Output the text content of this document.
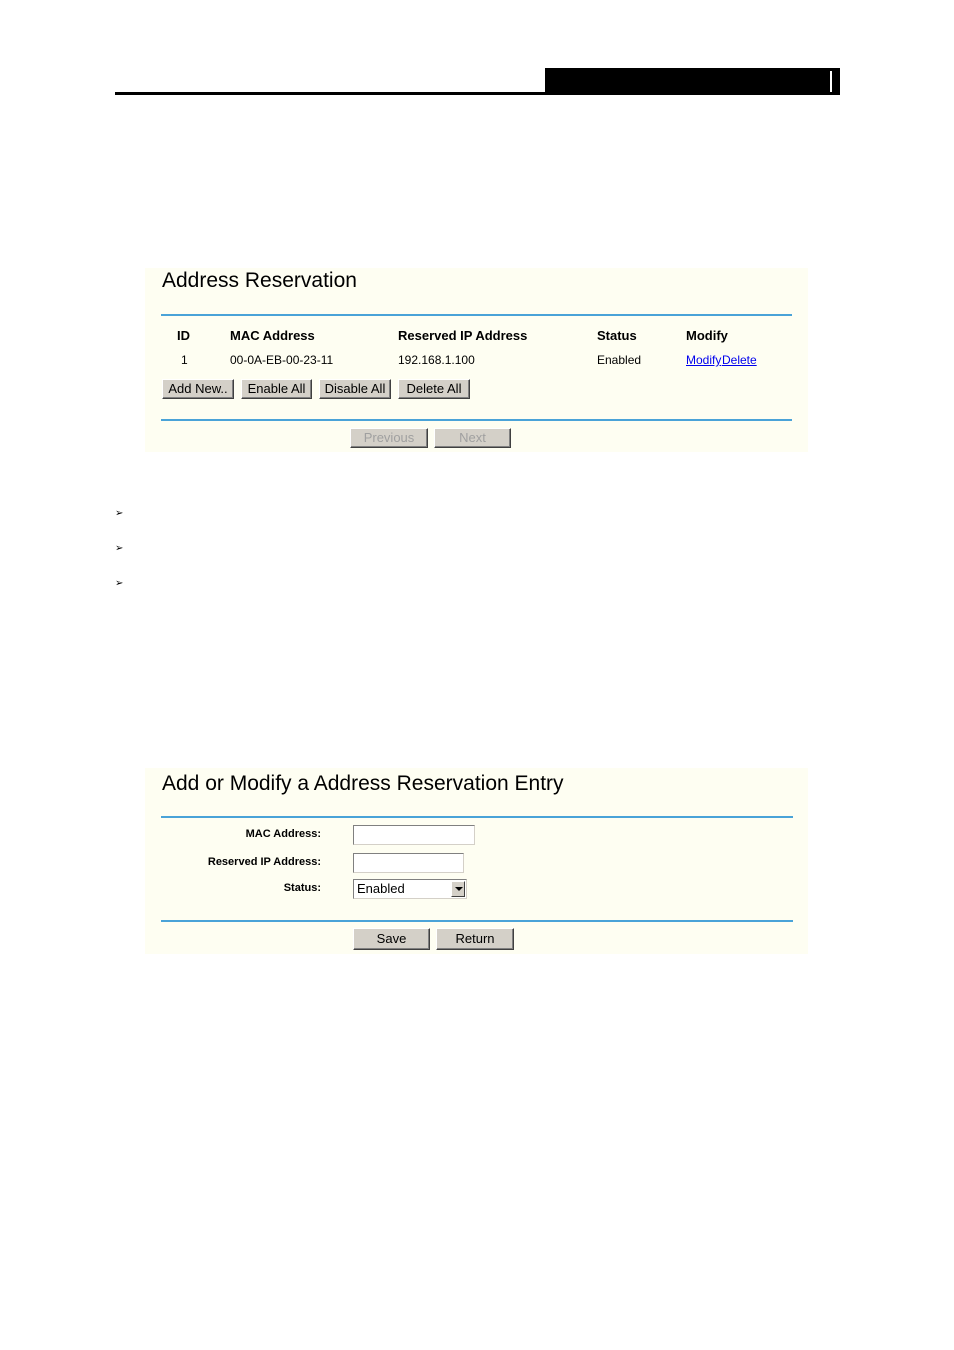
Address Reservation
ID	MAC Address	Reserved IP Address	Status	Modify
1	00-0A-EB-00-23-11	192.168.1.100	Enabled	Modify Delete
Add New..	Enable All	Disable All	Delete All
Previous	Next
➢
➢
➢
Add or Modify a Address Reservation Entry
MAC Address:
Reserved IP Address:
Status:	Enabled
Save	Return
